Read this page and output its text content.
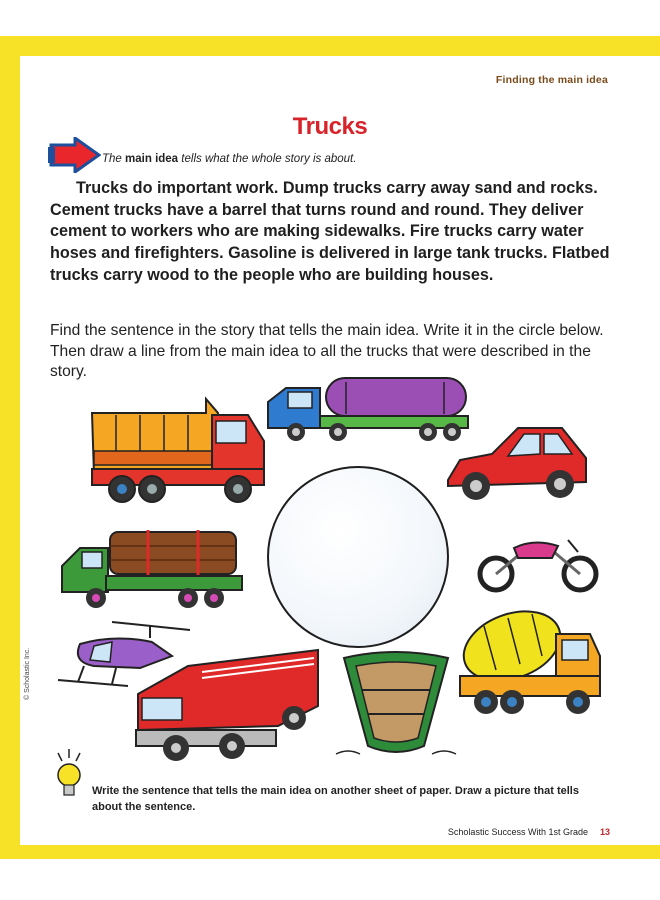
Finding the main idea
Trucks
The main idea tells what the whole story is about.
Trucks do important work. Dump trucks carry away sand and rocks. Cement trucks have a barrel that turns round and round. They deliver cement to workers who are making sidewalks. Fire trucks carry water hoses and firefighters. Gasoline is delivered in large tank trucks. Flatbed trucks carry wood to the people who are building houses.
Find the sentence in the story that tells the main idea. Write it in the circle below. Then draw a line from the main idea to all the trucks that were described in the story.
Write the sentence that tells the main idea on another sheet of paper. Draw a picture that tells about the sentence.
Scholastic Success With 1st Grade 13
© Scholastic Inc.
